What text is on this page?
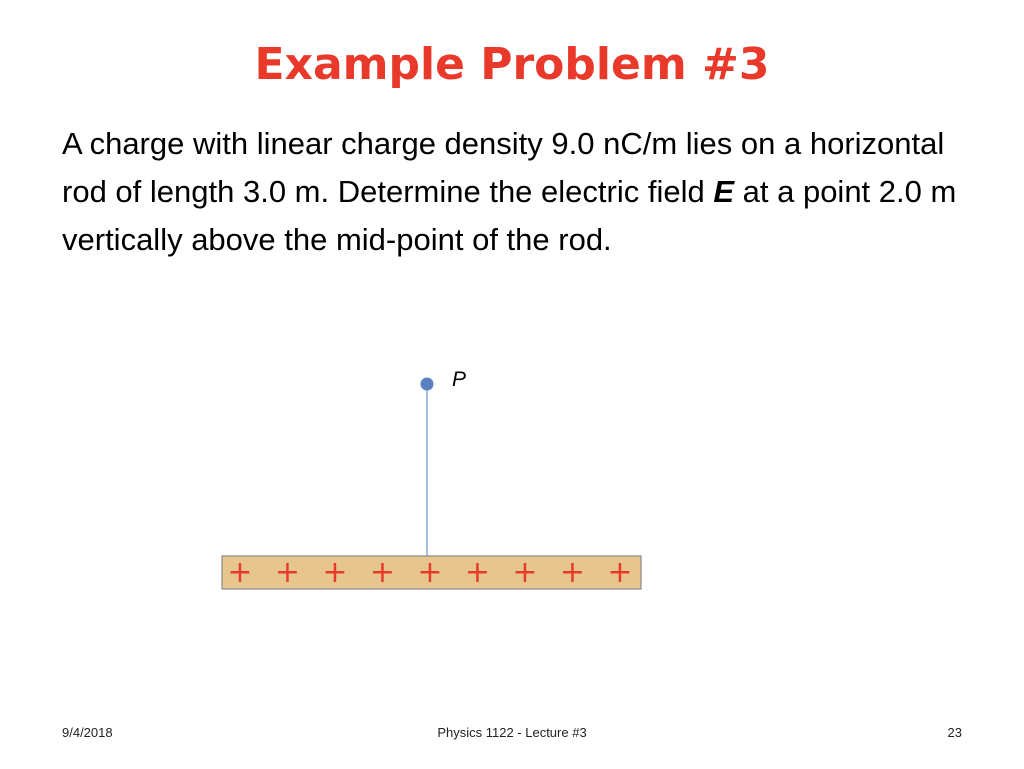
Example Problem #3
A charge with linear charge density 9.0 nC/m lies on a horizontal rod of length 3.0 m. Determine the electric field E at a point 2.0 m vertically above the mid-point of the rod.
+ + + + + + + + +
P
9/4/2018	Physics 1122 - Lecture #3	23
